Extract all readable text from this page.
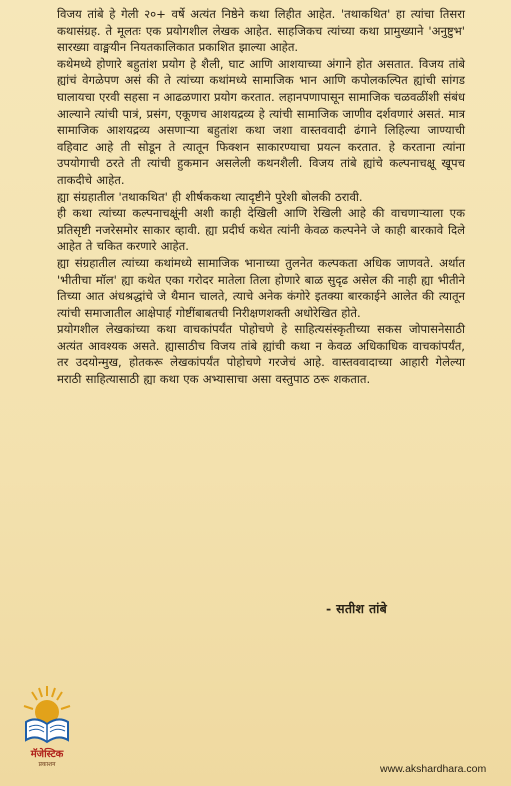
विजय तांबे हे गेली २०+ वर्षे अत्यंत निष्ठेने कथा लिहीत आहेत. 'तथाकथित' हा त्यांचा तिसरा कथासंग्रह. ते मूलतः एक प्रयोगशील लेखक आहेत. साहजिकच त्यांच्या कथा प्रामुख्याने 'अनुष्टुभ' सारख्या वाङ्मयीन नियतकालिकात प्रकाशित झाल्या आहेत.

कथेमध्ये होणारे बहुतांश प्रयोग हे शैली, घाट आणि आशयाच्या अंगाने होत असतात. विजय तांबे ह्यांचं वेगळेपण असं की ते त्यांच्या कथांमध्ये सामाजिक भान आणि कपोलकल्पित ह्यांची सांगड घालायचा एरवी सहसा न आढळणारा प्रयोग करतात. लहानपणापासून सामाजिक चळवळींशी संबंध आल्याने त्यांची पात्रं, प्रसंग, एकूणच आशयद्रव्य हे त्यांची सामाजिक जाणीव दर्शवणारं असतं. मात्र सामाजिक आशयद्रव्य असणाऱ्या बहुतांश कथा जशा वास्तववादी ढंगाने लिहिल्या जाण्याची वहिवाट आहे ती सोडून ते त्यातून फिक्शन साकारण्याचा प्रयत्न करतात. हे करताना त्यांना उपयोगाची ठरते ती त्यांची हुकमान असलेली कथनशैली. विजय तांबे ह्यांचे कल्पनाचक्षू खूपच ताकदीचे आहेत.

ह्या संग्रहातील 'तथाकथित' ही शीर्षककथा त्यादृष्टीने पुरेशी बोलकी ठरावी.

ही कथा त्यांच्या कल्पनाचक्षूंनी अशी काही देखिली आणि रेखिली आहे की वाचणाऱ्याला एक प्रतिसृष्टी नजरेसमोर साकार व्हावी. ह्या प्रदीर्घ कथेत त्यांनी केवळ कल्पनेने जे काही बारकावे दिले आहेत ते चकित करणारे आहेत.

ह्या संग्रहातील त्यांच्या कथांमध्ये सामाजिक भानाच्या तुलनेत कल्पकता अधिक जाणवते. अर्थात 'भीतीचा मॉल' ह्या कथेत एका गरोदर मातेला तिला होणारे बाळ सुदृढ असेल की नाही ह्या भीतीने तिच्या आत अंधश्रद्धांचे जे थैमान चालते, त्याचे अनेक कंगोरे इतक्या बारकाईने आलेत की त्यातून त्यांची समाजातील आक्षेपार्ह गोष्टींबाबतची निरीक्षणशक्ती अधोरेखित होते.

प्रयोगशील लेखकांच्या कथा वाचकांपर्यंत पोहोचणे हे साहित्यसंस्कृतीच्या सकस जोपासनेसाठी अत्यंत आवश्यक असते. ह्यासाठीच विजय तांबे ह्यांची कथा न केवळ अधिकाधिक वाचकांपर्यंत, तर उदयोन्मुख, होतकरू लेखकांपर्यंत पोहोचणे गरजेचं आहे. वास्तववादाच्या आहारी गेलेल्या मराठी साहित्यासाठी ह्या कथा एक अभ्यासाचा असा वस्तुपाठ ठरू शकतात.

- सतीश तांबे
मॅजेस्टिक
प्रकाशन	www.akshardhara.com
